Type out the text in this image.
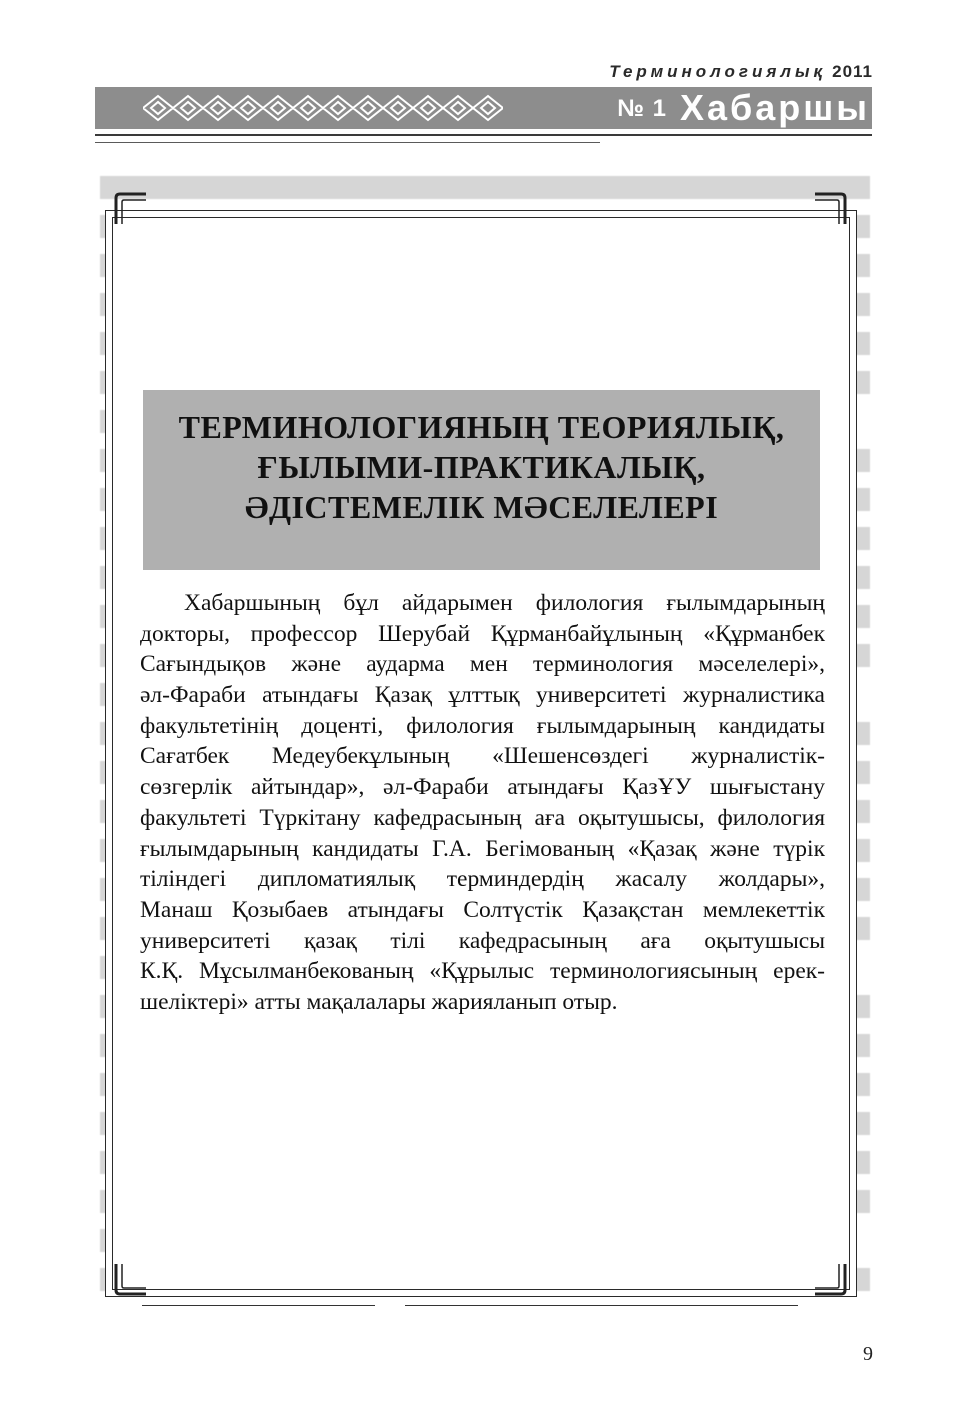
Терминологиялық 2011
№ 1 Хабаршы
ТЕРМИНОЛОГИЯНЫҢ ТЕОРИЯЛЫҚ,
ҒЫЛЫМИ-ПРАКТИКАЛЫҚ,
ӘДІСТЕМЕЛІК МӘСЕЛЕЛЕРІ
Хабаршының бұл айдарымен филология ғылымдарының
докторы, профессор Шерубай Құрманбайұлының «Құрманбек
Сағындықов және аударма мен терминология мәселелері»,
әл-Фараби атындағы Қазақ ұлттық университеті журналистика
факультетінің доценті, филология ғылымдарының кандидаты
Сағатбек Медеубекұлының «Шешенсөздегі журналистік-
сөзгерлік айтындар», әл-Фараби атындағы ҚазҰУ шығыстану
факультеті Түркітану кафедрасының аға оқытушысы, филология
ғылымдарының кандидаты Г.А. Бегімованың «Қазақ және түрік
тіліндегі дипломатиялық терминдердің жасалу жолдары»,
Манаш Қозыбаев атындағы Солтүстік Қазақстан мемлекеттік
университеті қазақ тілі кафедрасының аға оқытушысы
К.Қ. Мұсылманбекованың «Құрылыс терминологиясының ерек-
шеліктері» атты мақалалары жарияланып отыр.
9
